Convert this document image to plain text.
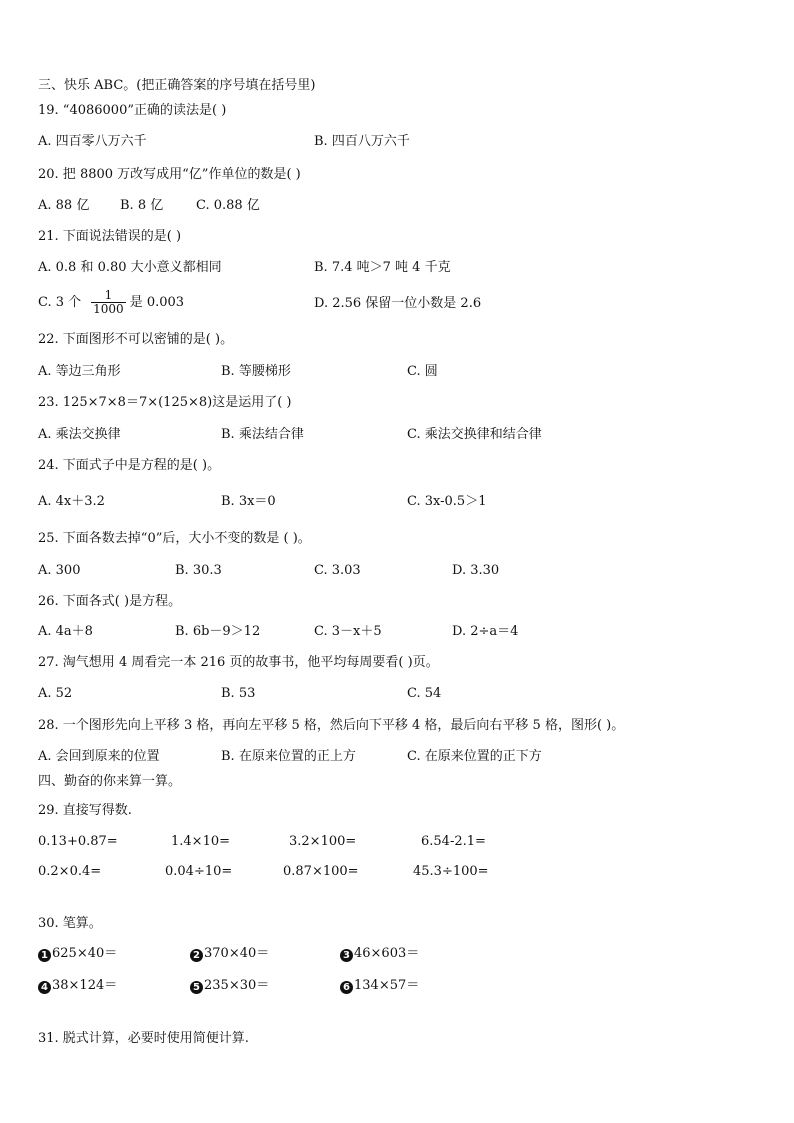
三、快乐 ABC。(把正确答案的序号填在括号里)
19. “4086000”正确的读法是( )
A. 四百零八万六千	B. 四百八万六千
20. 把 8800 万改写成用“亿”作单位的数是( )
A. 88 亿 B. 8 亿	C. 0.88 亿
21. 下面说法错误的是( )
A. 0.8 和 0.80 大小意义都相同	B. 7.4 吨＞7 吨 4 千克
C. 3 个 $\frac{1}{1000}$ 是 0.003	D. 2.56 保留一位小数是 2.6
22. 下面图形不可以密铺的是( )。
A. 等边三角形	B. 等腰梯形	C. 圆
23. 125×7×8＝7×(125×8)这是运用了( )
A. 乘法交换律	B. 乘法结合律	C. 乘法交换律和结合律
24. 下面式子中是方程的是( )。
A. 4x＋3.2	B. 3x＝0	C. 3x-0.5＞1
25. 下面各数去掉“0”后，大小不变的数是 ( )。
A. 300	B. 30.3	C. 3.03	D. 3.30
26. 下面各式( )是方程。
A. 4a＋8	B. 6b－9＞12	C. 3－x＋5	D. 2÷a＝4
27. 淘气想用 4 周看完一本 216 页的故事书，他平均每周要看( )页。
A. 52	B. 53	C. 54
28. 一个图形先向上平移 3 格，再向左平移 5 格，然后向下平移 4 格，最后向右平移 5 格，图形( )。
A. 会回到原来的位置	B. 在原来位置的正上方	C. 在原来位置的正下方
四、勤奋的你来算一算。
29. 直接写得数.
0.13+0.87=	1.4×10=	3.2×100=	6.54-2.1=
0.2×0.4=	0.04÷10=	0.87×100=	45.3÷100=
30. 笔算。
1 625×40＝	2 370×40＝	3 46×603＝
4 38×124＝	5 235×30＝	6 134×57＝
31. 脱式计算，必要时使用简便计算.
